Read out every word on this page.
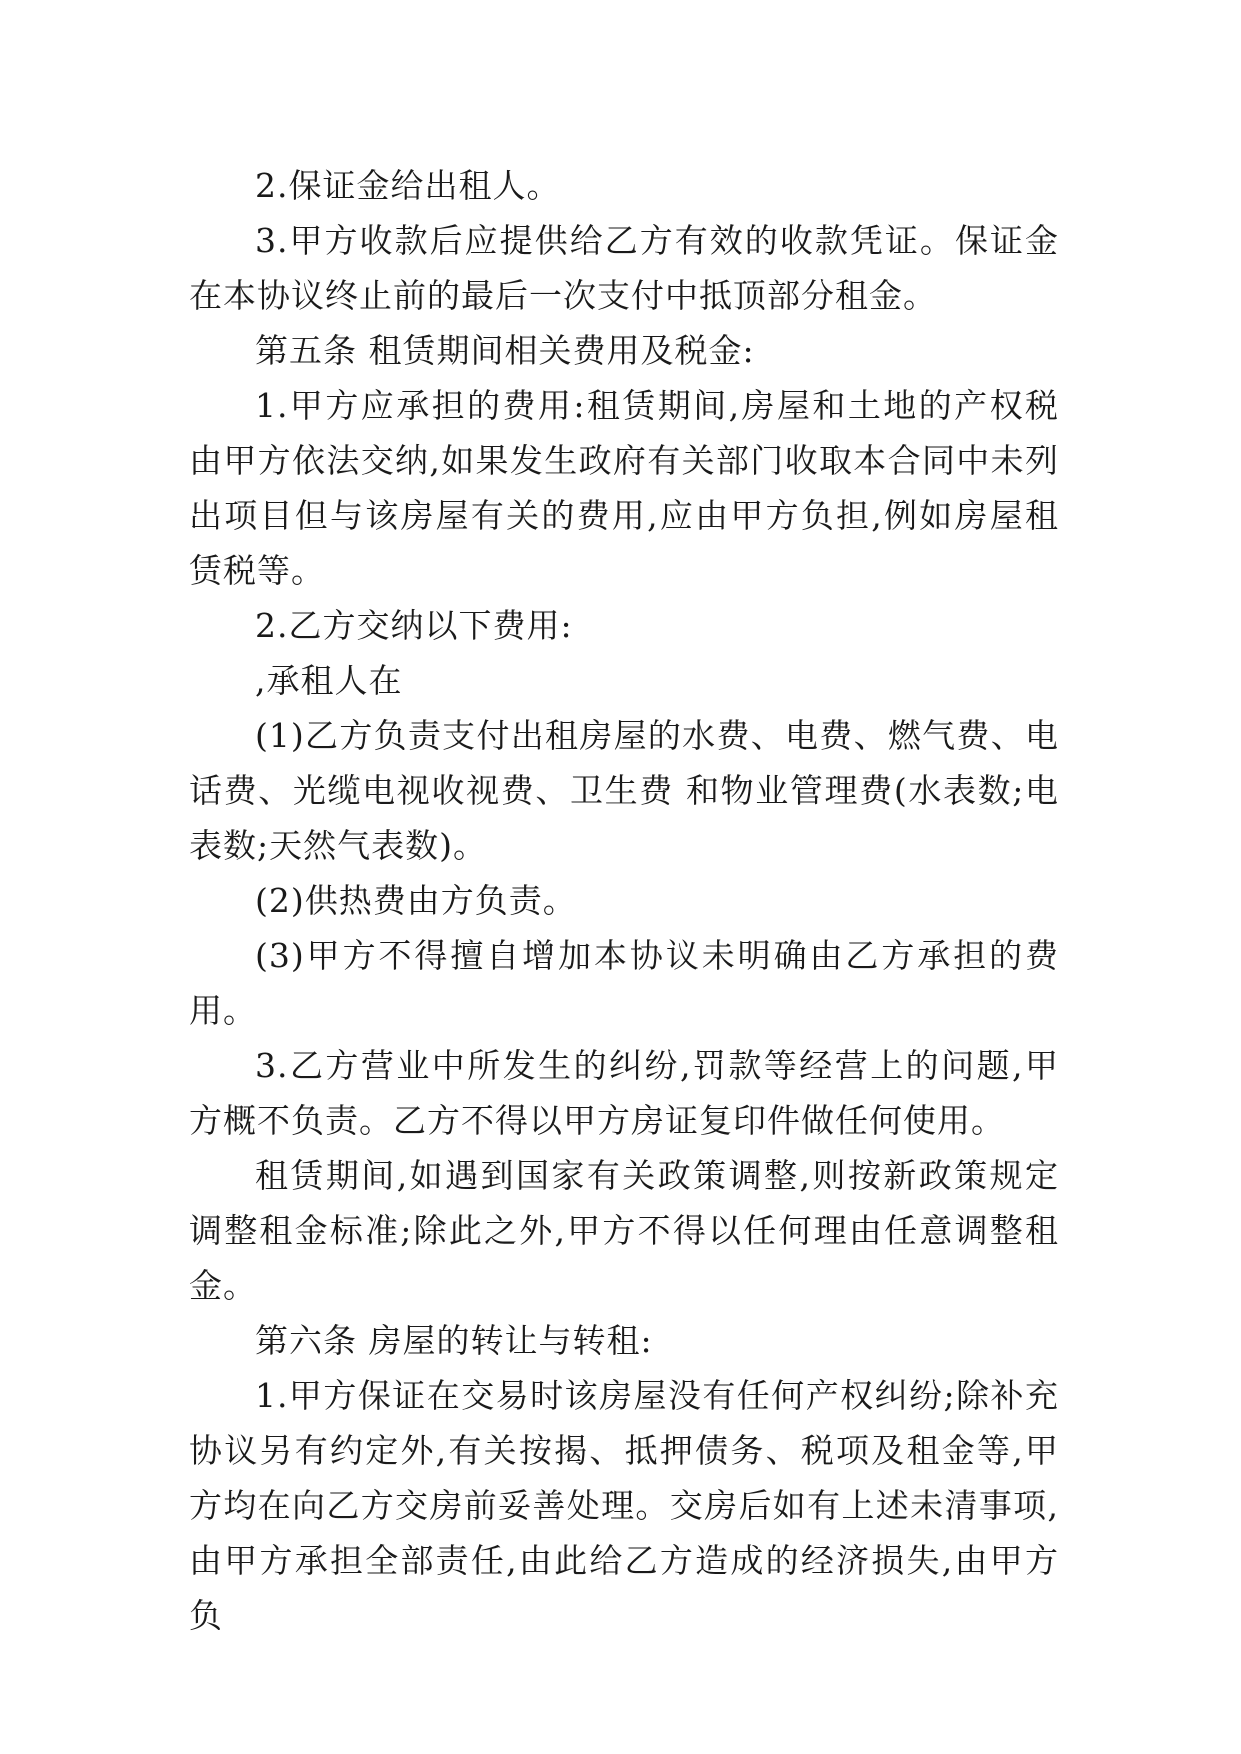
2.保证金给出租人。

3.甲方收款后应提供给乙方有效的收款凭证。保证金在本协议终止前的最后一次支付中抵顶部分租金。

第五条 租赁期间相关费用及税金:

1.甲方应承担的费用:租赁期间,房屋和土地的产权税由甲方依法交纳,如果发生政府有关部门收取本合同中未列出项目但与该房屋有关的费用,应由甲方负担,例如房屋租赁税等。

2.乙方交纳以下费用:

,承租人在

(1)乙方负责支付出租房屋的水费、电费、燃气费、电话费、光缆电视收视费、卫生费 和物业管理费(水表数;电表数;天然气表数)。

(2)供热费由方负责。

(3)甲方不得擅自增加本协议未明确由乙方承担的费用。

3.乙方营业中所发生的纠纷,罚款等经营上的问题,甲方概不负责。乙方不得以甲方房证复印件做任何使用。

租赁期间,如遇到国家有关政策调整,则按新政策规定调整租金标准;除此之外,甲方不得以任何理由任意调整租金。

第六条 房屋的转让与转租:

1.甲方保证在交易时该房屋没有任何产权纠纷;除补充协议另有约定外,有关按揭、抵押债务、税项及租金等,甲方均在向乙方交房前妥善处理。交房后如有上述未清事项,由甲方承担全部责任,由此给乙方造成的经济损失,由甲方负
